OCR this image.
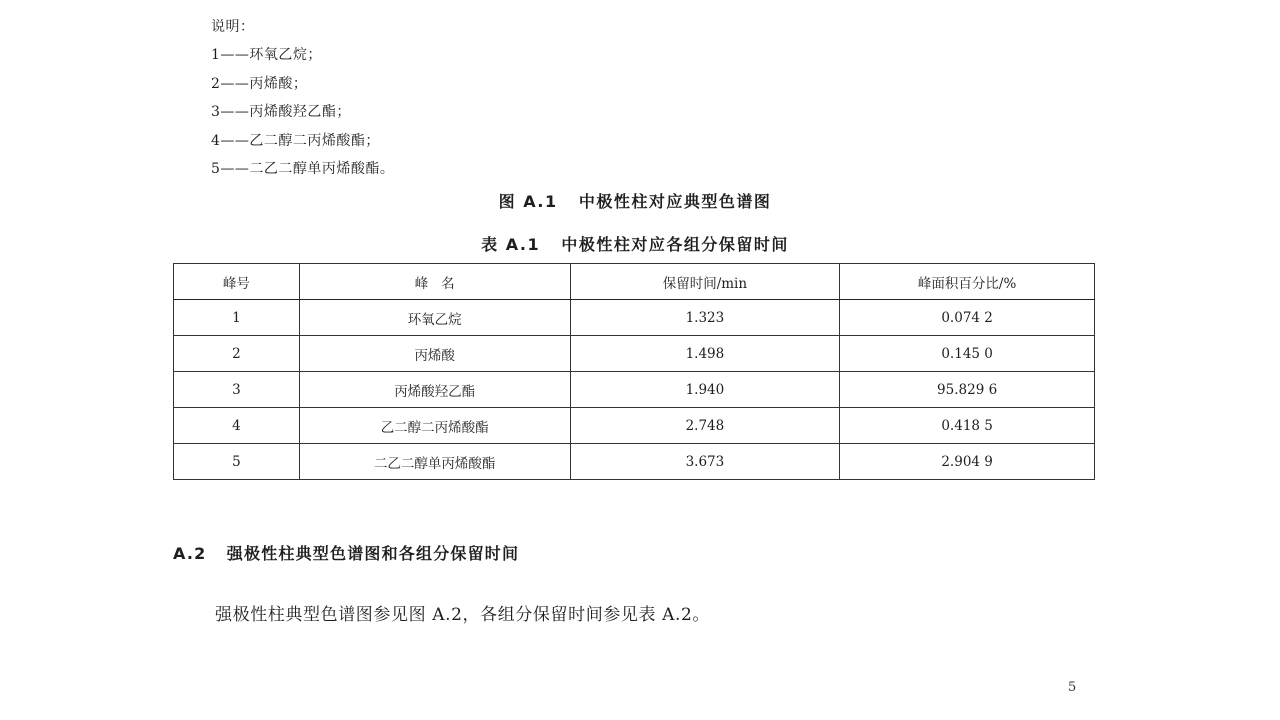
说明：
1——环氧乙烷；
2——丙烯酸；
3——丙烯酸羟乙酯；
4——乙二醇二丙烯酸酯；
5——二乙二醇单丙烯酸酯。
图 A.1   中极性柱对应典型色谱图
表 A.1   中极性柱对应各组分保留时间
峰号	峰   名	保留时间/min	峰面积百分比/%
1	环氧乙烷	1.323	0.074 2
2	丙烯酸	1.498	0.145 0
3	丙烯酸羟乙酯	1.940	95.829 6
4	乙二醇二丙烯酸酯	2.748	0.418 5
5	二乙二醇单丙烯酸酯	3.673	2.904 9
A.2   强极性柱典型色谱图和各组分保留时间
强极性柱典型色谱图参见图 A.2，各组分保留时间参见表 A.2。
5
